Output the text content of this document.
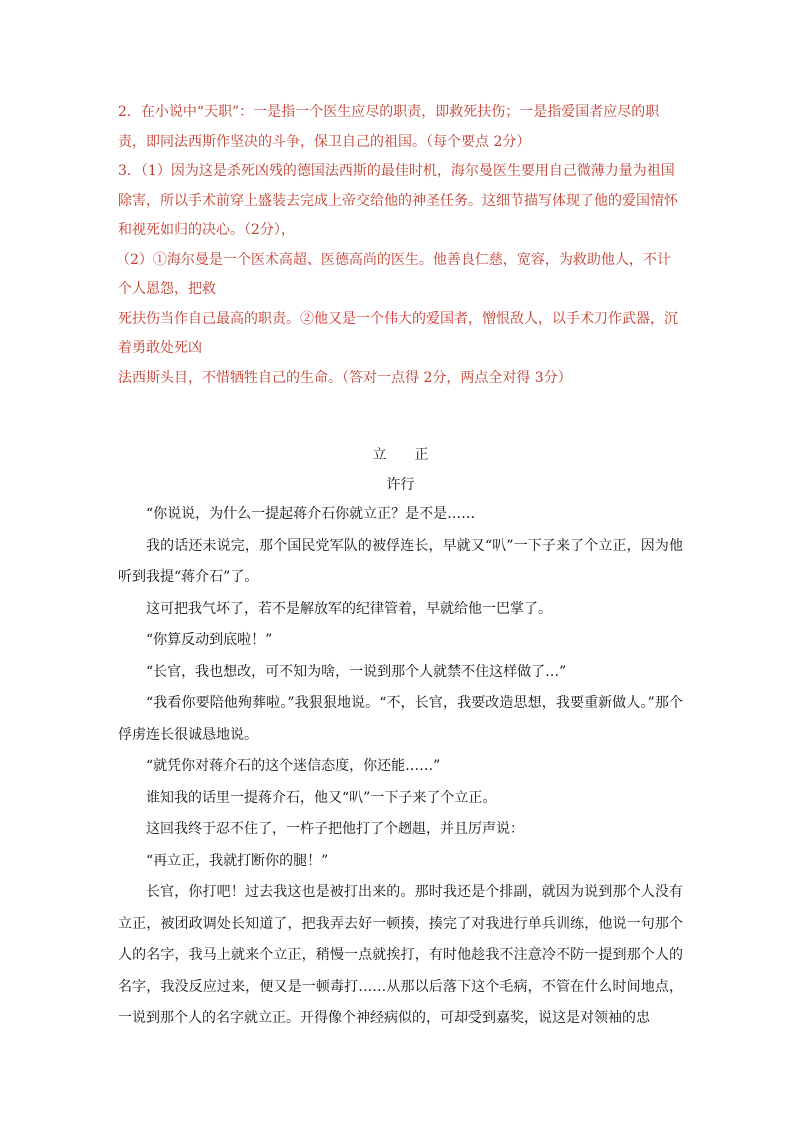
2．在小说中“天职”：一是指一个医生应尽的职责，即救死扶伤；一是指爱国者应尽的职

责，即同法西斯作坚决的斗争，保卫自己的祖国。（每个要点 2分）

3．（1）因为这是杀死凶残的德国法西斯的最佳时机，海尔曼医生要用自己微薄力量为祖国

除害，所以手术前穿上盛装去完成上帝交给他的神圣任务。这细节描写体现了他的爱国情怀

和视死如归的决心。（2分），

（2）①海尔曼是一个医术高超、医德高尚的医生。他善良仁慈，宽容，为救助他人，不计

个人恩怨，把救

死扶伤当作自己最高的职责。②他又是一个伟大的爱国者，憎恨敌人，以手术刀作武器，沉

着勇敢处死凶

法西斯头目，不惜牺牲自己的生命。（答对一点得 2分，两点全对得 3分）

立 正

许行

“你说说，为什么一提起蒋介石你就立正？是不是……

我的话还未说完，那个国民党军队的被俘连长，早就又“叭”一下子来了个立正，因为他听到我提“蒋介石”了。

这可把我气坏了，若不是解放军的纪律管着，早就给他一巴掌了。

“你算反动到底啦！”

“长官，我也想改，可不知为啥，一说到那个人就禁不住这样做了…”

“我看你要陪他殉葬啦。”我狠狠地说。“不，长官，我要改造思想，我要重新做人。”那个俘虏连长很诚恳地说。

“就凭你对蒋介石的这个迷信态度，你还能……”

谁知我的话里一提蒋介石，他又“叭”一下子来了个立正。

这回我终于忍不住了，一杵子把他打了个趔趄，并且厉声说：

“再立正，我就打断你的腿！”

长官，你打吧！过去我这也是被打出来的。那时我还是个排副，就因为说到那个人没有立正，被团政调处长知道了，把我弄去好一顿揍，揍完了对我进行单兵训练，他说一句那个人的名字，我马上就来个立正，稍慢一点就挨打，有时他趁我不注意冷不防一提到那个人的名字，我没反应过来，便又是一顿毒打……从那以后落下这个毛病，不管在什么时间地点，一说到那个人的名字就立正。开得像个神经病似的，可却受到嘉奖，说这是对领袖的忠
